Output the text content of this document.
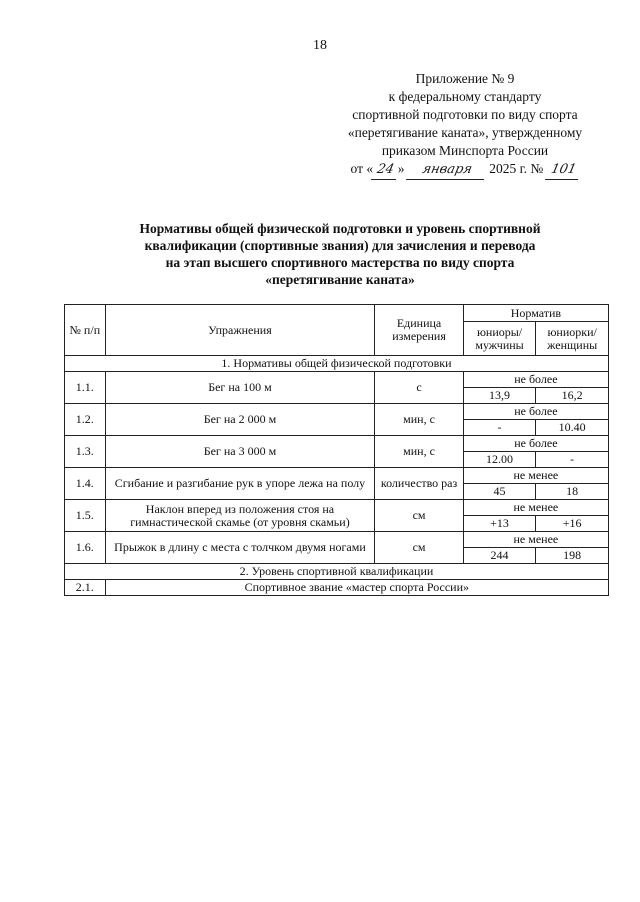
18
Приложение № 9
к федеральному стандарту
спортивной подготовки по виду спорта
«перетягивание каната», утвержденному
приказом Минспорта России
от « 24 » января 2025 г. № 101
Нормативы общей физической подготовки и уровень спортивной
квалификации (спортивные звания) для зачисления и перевода
на этап высшего спортивного мастерства по виду спорта
«перетягивание каната»
№ п/п	Упражнения	Единица измерения	Норматив	
			юниоры/ мужчины	юниорки/ женщины
1. Нормативы общей физической подготовки				
1.1.	Бег на 100 м	с	не более	
			13,9	16,2
1.2.	Бег на 2 000 м	мин, с	не более	
			-	10.40
1.3.	Бег на 3 000 м	мин, с	не более	
			12.00	-
1.4.	Сгибание и разгибание рук в упоре лежа на полу	количество раз	не менее	
			45	18
1.5.	Наклон вперед из положения стоя на гимнастической скамье (от уровня скамьи)	см	не менее	
			+13	+16
1.6.	Прыжок в длину с места с толчком двумя ногами	см	не менее	
			244	198
2. Уровень спортивной квалификации				
2.1.	Спортивное звание «мастер спорта России»			
